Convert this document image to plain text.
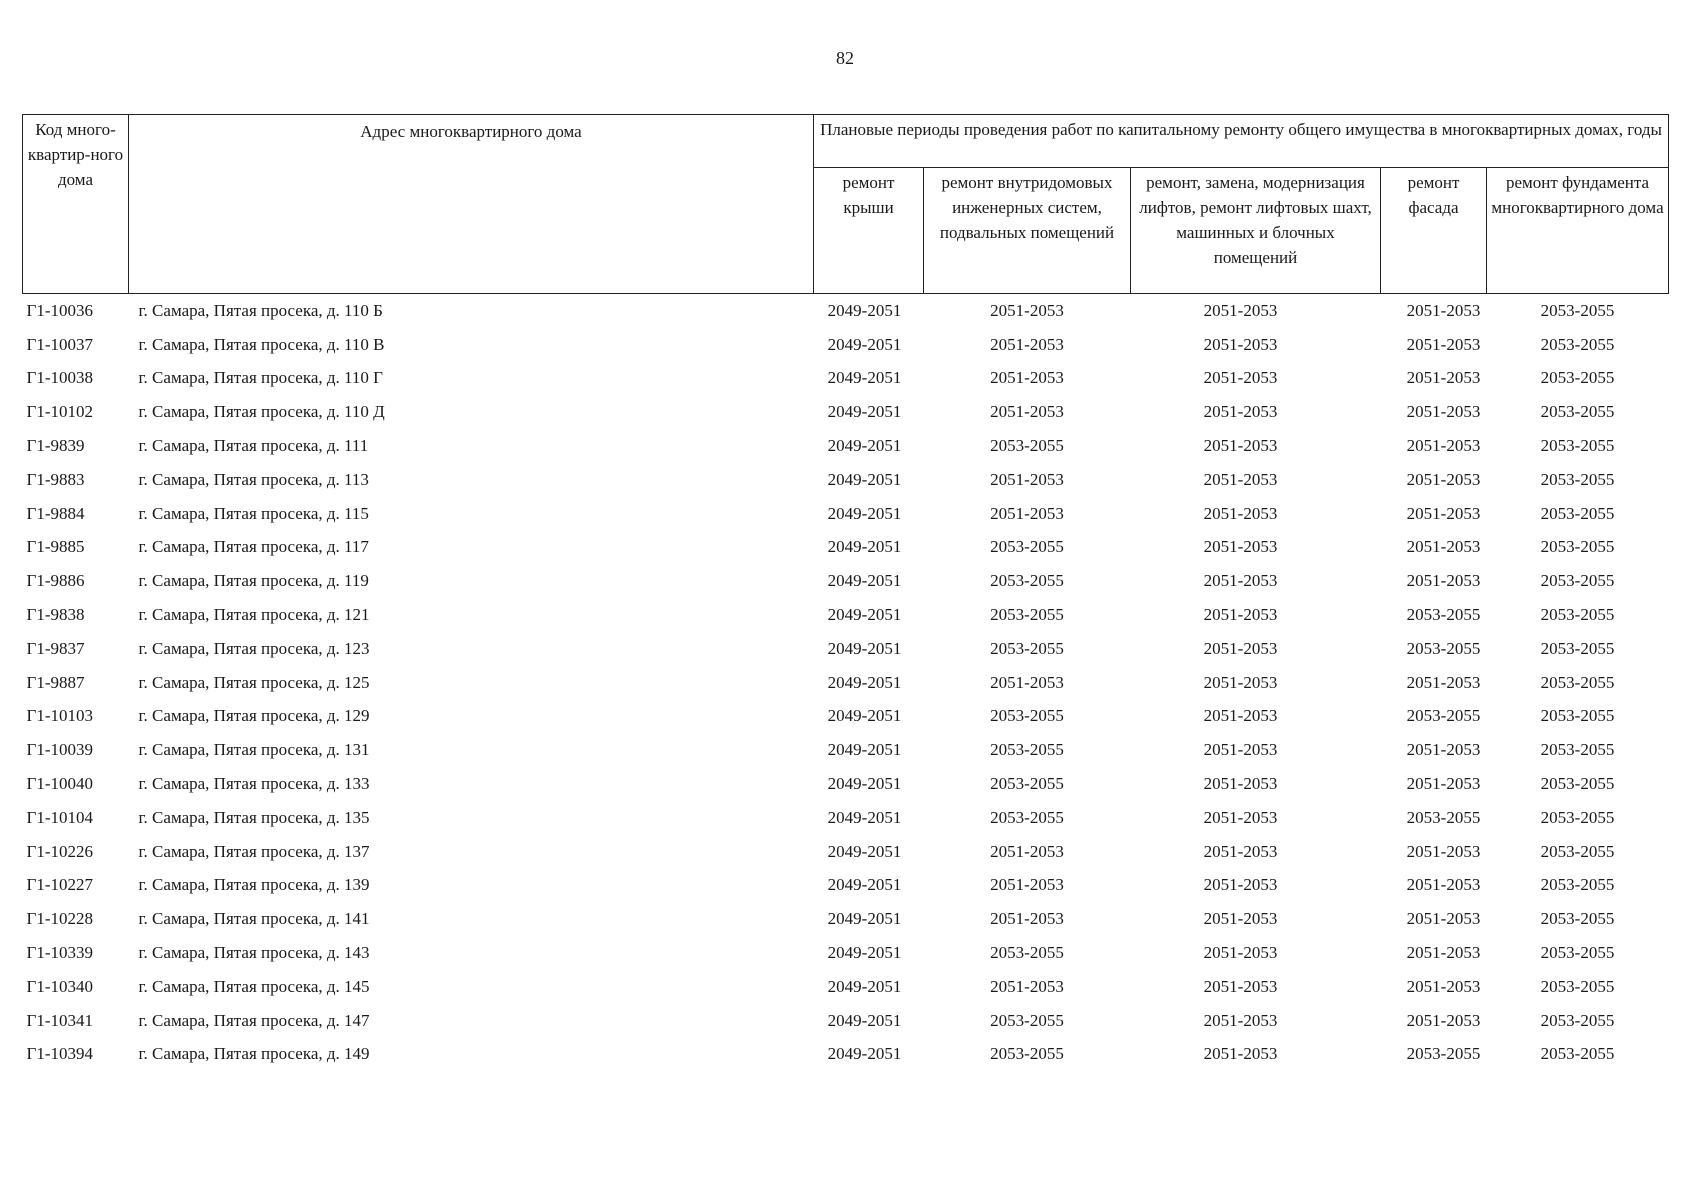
82
Код много-квартир-ного дома	Адрес многоквартирного дома	Плановые периоды проведения работ по капитальному ремонту общего имущества в многоквартирных домах, годы				
		ремонт крыши	ремонт внутридомовых инженерных систем, подвальных помещений	ремонт, замена, модернизация лифтов, ремонт лифтовых шахт, машинных и блочных помещений	ремонт фасада	ремонт фундамента многоквартирного дома
Г1-10036	г. Самара, Пятая просека, д. 110 Б	2049-2051	2051-2053	2051-2053	2051-2053	2053-2055
Г1-10037	г. Самара, Пятая просека, д. 110 В	2049-2051	2051-2053	2051-2053	2051-2053	2053-2055
Г1-10038	г. Самара, Пятая просека, д. 110 Г	2049-2051	2051-2053	2051-2053	2051-2053	2053-2055
Г1-10102	г. Самара, Пятая просека, д. 110 Д	2049-2051	2051-2053	2051-2053	2051-2053	2053-2055
Г1-9839	г. Самара, Пятая просека, д. 111	2049-2051	2053-2055	2051-2053	2051-2053	2053-2055
Г1-9883	г. Самара, Пятая просека, д. 113	2049-2051	2051-2053	2051-2053	2051-2053	2053-2055
Г1-9884	г. Самара, Пятая просека, д. 115	2049-2051	2051-2053	2051-2053	2051-2053	2053-2055
Г1-9885	г. Самара, Пятая просека, д. 117	2049-2051	2053-2055	2051-2053	2051-2053	2053-2055
Г1-9886	г. Самара, Пятая просека, д. 119	2049-2051	2053-2055	2051-2053	2051-2053	2053-2055
Г1-9838	г. Самара, Пятая просека, д. 121	2049-2051	2053-2055	2051-2053	2053-2055	2053-2055
Г1-9837	г. Самара, Пятая просека, д. 123	2049-2051	2053-2055	2051-2053	2053-2055	2053-2055
Г1-9887	г. Самара, Пятая просека, д. 125	2049-2051	2051-2053	2051-2053	2051-2053	2053-2055
Г1-10103	г. Самара, Пятая просека, д. 129	2049-2051	2053-2055	2051-2053	2053-2055	2053-2055
Г1-10039	г. Самара, Пятая просека, д. 131	2049-2051	2053-2055	2051-2053	2051-2053	2053-2055
Г1-10040	г. Самара, Пятая просека, д. 133	2049-2051	2053-2055	2051-2053	2051-2053	2053-2055
Г1-10104	г. Самара, Пятая просека, д. 135	2049-2051	2053-2055	2051-2053	2053-2055	2053-2055
Г1-10226	г. Самара, Пятая просека, д. 137	2049-2051	2051-2053	2051-2053	2051-2053	2053-2055
Г1-10227	г. Самара, Пятая просека, д. 139	2049-2051	2051-2053	2051-2053	2051-2053	2053-2055
Г1-10228	г. Самара, Пятая просека, д. 141	2049-2051	2051-2053	2051-2053	2051-2053	2053-2055
Г1-10339	г. Самара, Пятая просека, д. 143	2049-2051	2053-2055	2051-2053	2051-2053	2053-2055
Г1-10340	г. Самара, Пятая просека, д. 145	2049-2051	2051-2053	2051-2053	2051-2053	2053-2055
Г1-10341	г. Самара, Пятая просека, д. 147	2049-2051	2053-2055	2051-2053	2051-2053	2053-2055
Г1-10394	г. Самара, Пятая просека, д. 149	2049-2051	2053-2055	2051-2053	2053-2055	2053-2055
